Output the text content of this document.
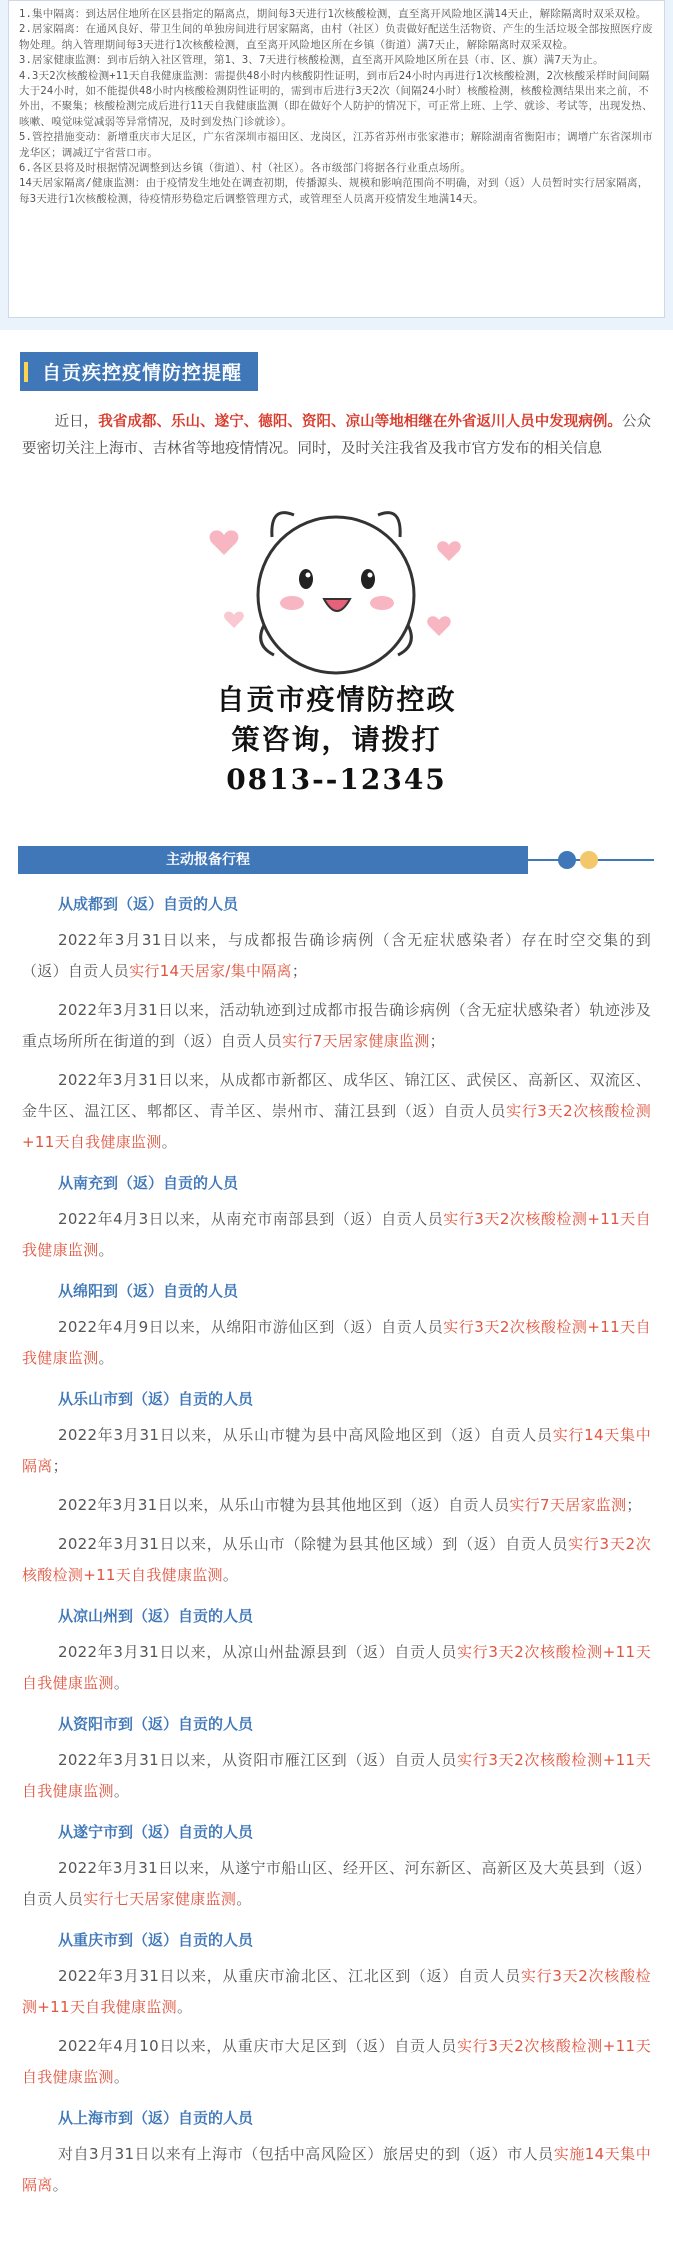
1.集中隔离：到达居住地所在区县指定的隔离点，期间每3天进行1次核酸检测，直至离开风险地区满14天止，解除隔离时双采双检。

2.居家隔离：在通风良好、带卫生间的单独房间进行居家隔离，由村（社区）负责做好配送生活物资、产生的生活垃圾全部按照医疗废物处理。纳入管理期间每3天进行1次核酸检测，直至离开风险地区所在乡镇（街道）满7天止，解除隔离时双采双检。

3.居家健康监测：到市后纳入社区管理，第1、3、7天进行核酸检测，直至离开风险地区所在县（市、区、旗）满7天为止。

4.3天2次核酸检测+11天自我健康监测：需提供48小时内核酸阴性证明，到市后24小时内再进行1次核酸检测，2次核酸采样时间间隔大于24小时，如不能提供48小时内核酸检测阴性证明的，需到市后进行3天2次（间隔24小时）核酸检测，核酸检测结果出来之前，不外出，不聚集；核酸检测完成后进行11天自我健康监测（即在做好个人防护的情况下，可正常上班、上学、就诊、考试等，出现发热、咳嗽、嗅觉味觉减弱等异常情况，及时到发热门诊就诊）。

5.管控措施变动：新增重庆市大足区，广东省深圳市福田区、龙岗区，江苏省苏州市张家港市；解除湖南省衡阳市；调增广东省深圳市龙华区；调减辽宁省营口市。

6.各区县将及时根据情况调整到达乡镇（街道）、村（社区）。各市级部门将据各行业重点场所。

14天居家隔离/健康监测：由于疫情发生地处在调查初期，传播源头、规模和影响范围尚不明确，对到（返）人员暂时实行居家隔离，每3天进行1次核酸检测，待疫情形势稳定后调整管理方式，或管理至人员离开疫情发生地满14天。

自贡疾控疫情防控提醒

近日，我省成都、乐山、遂宁、德阳、资阳、凉山等地相继在外省返川人员中发现病例。公众要密切关注上海市、吉林省等地疫情情况。同时，及时关注我省及我市官方发布的相关信息

自贡市疫情防控政
策咨询，请拨打
0813--12345
主动报备行程
从成都到（返）自贡的人员

2022年3月31日以来，与成都报告确诊病例（含无症状感染者）存在时空交集的到（返）自贡人员实行14天居家/集中隔离；

2022年3月31日以来，活动轨迹到过成都市报告确诊病例（含无症状感染者）轨迹涉及重点场所所在街道的到（返）自贡人员实行7天居家健康监测；

2022年3月31日以来，从成都市新都区、成华区、锦江区、武侯区、高新区、双流区、金牛区、温江区、郫都区、青羊区、崇州市、蒲江县到（返）自贡人员实行3天2次核酸检测+11天自我健康监测。

从南充到（返）自贡的人员

2022年4月3日以来，从南充市南部县到（返）自贡人员实行3天2次核酸检测+11天自我健康监测。

从绵阳到（返）自贡的人员

2022年4月9日以来，从绵阳市游仙区到（返）自贡人员实行3天2次核酸检测+11天自我健康监测。

从乐山市到（返）自贡的人员

2022年3月31日以来，从乐山市犍为县中高风险地区到（返）自贡人员实行14天集中隔离；

2022年3月31日以来，从乐山市犍为县其他地区到（返）自贡人员实行7天居家监测；

2022年3月31日以来，从乐山市（除犍为县其他区域）到（返）自贡人员实行3天2次核酸检测+11天自我健康监测。

从凉山州到（返）自贡的人员

2022年3月31日以来，从凉山州盐源县到（返）自贡人员实行3天2次核酸检测+11天自我健康监测。

从资阳市到（返）自贡的人员

2022年3月31日以来，从资阳市雁江区到（返）自贡人员实行3天2次核酸检测+11天自我健康监测。

从遂宁市到（返）自贡的人员

2022年3月31日以来，从遂宁市船山区、经开区、河东新区、高新区及大英县到（返）自贡人员实行七天居家健康监测。

从重庆市到（返）自贡的人员

2022年3月31日以来，从重庆市渝北区、江北区到（返）自贡人员实行3天2次核酸检测+11天自我健康监测。

2022年4月10日以来，从重庆市大足区到（返）自贡人员实行3天2次核酸检测+11天自我健康监测。

从上海市到（返）自贡的人员

对自3月31日以来有上海市（包括中高风险区）旅居史的到（返）市人员实施14天集中隔离。
